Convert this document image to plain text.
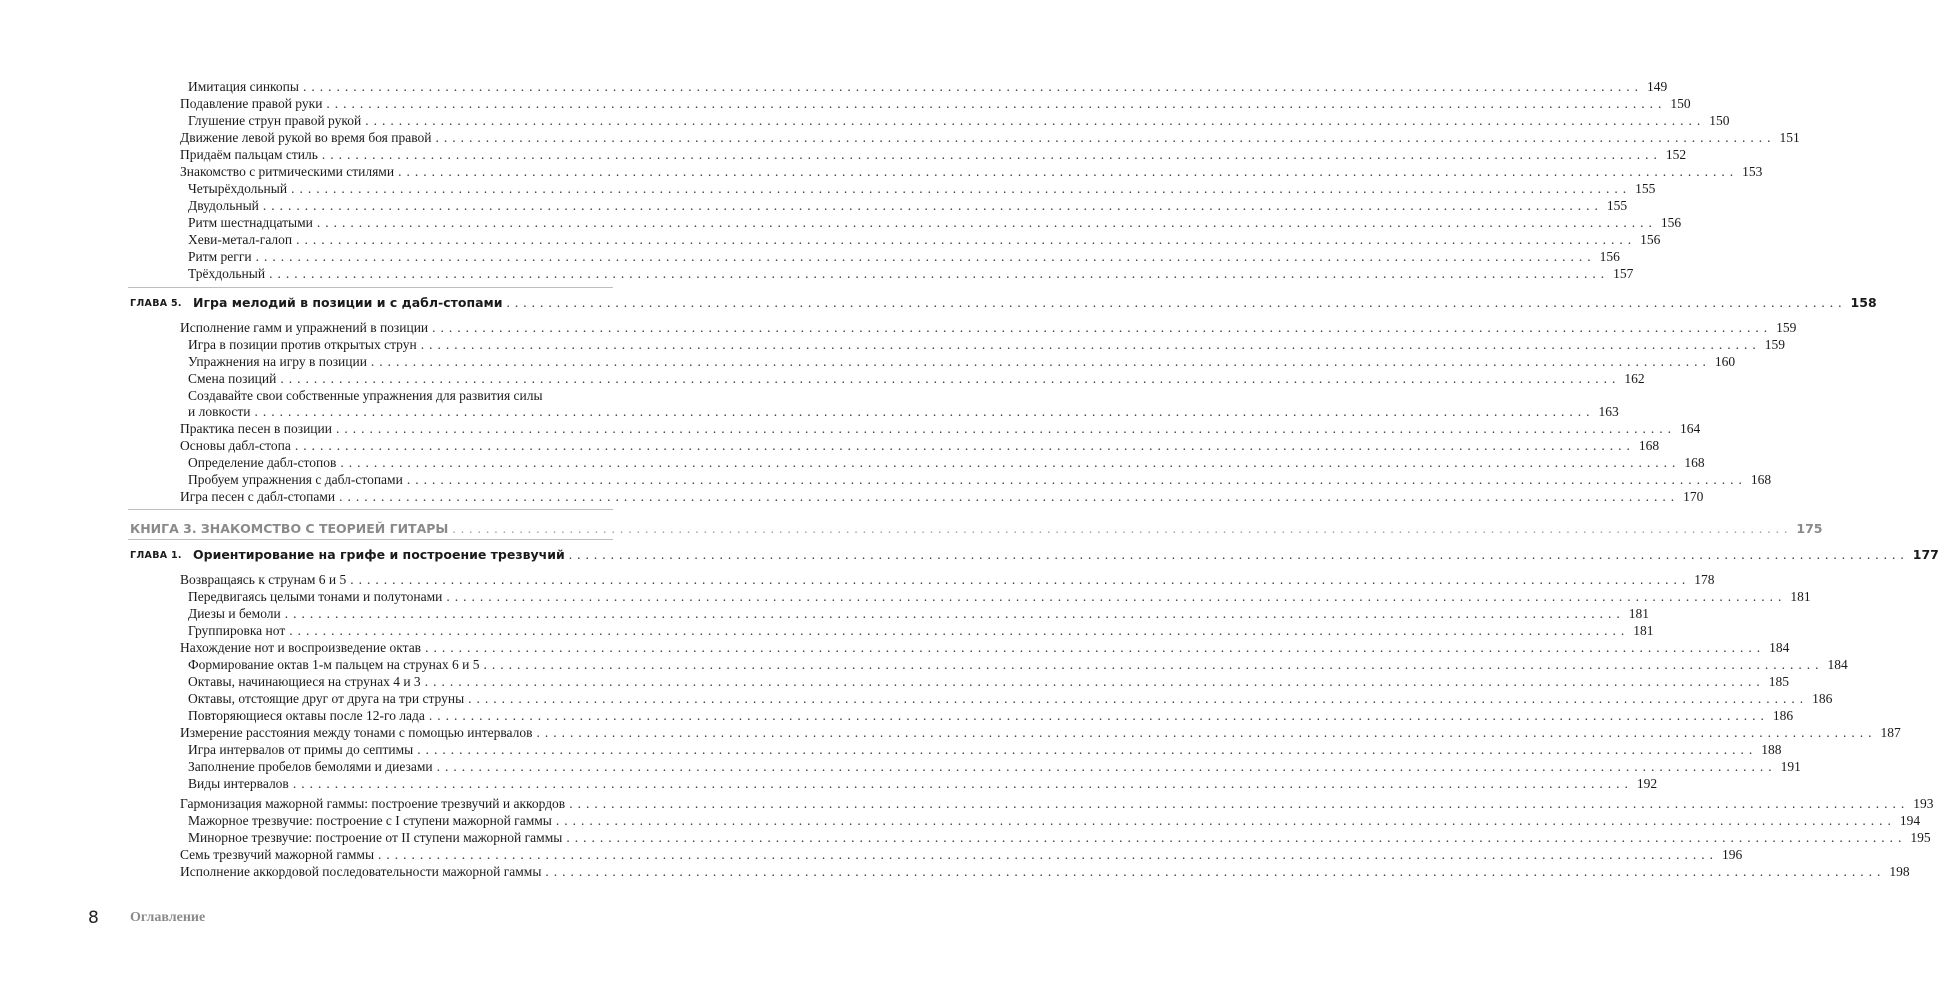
Имитация синкопы ................................................................................................................................................................ 149
Подавление правой руки ................................................................................................................................................................ 150
Глушение струн правой рукой ................................................................................................................................................................ 150
Движение левой рукой во время боя правой ................................................................................................................................................................ 151
Придаём пальцам стиль ................................................................................................................................................................ 152
Знакомство с ритмическими стилями ................................................................................................................................................................ 153
Четырёхдольный ................................................................................................................................................................ 155
Двудольный ................................................................................................................................................................ 155
Ритм шестнадцатыми ................................................................................................................................................................ 156
Хеви-метал-галоп ................................................................................................................................................................ 156
Ритм регги ................................................................................................................................................................ 156
Трёхдольный ................................................................................................................................................................ 157
Игра мелодий в позиции и с дабл-стопами ................................................................................................................................................................ 158
ГЛАВА 5.
Исполнение гамм и упражнений в позиции ................................................................................................................................................................ 159
Игра в позиции против открытых струн ................................................................................................................................................................ 159
Упражнения на игру в позиции ................................................................................................................................................................ 160
Смена позиций ................................................................................................................................................................ 162
Создавайте свои собственные упражнения для развития силы
и ловкости ................................................................................................................................................................ 163
Практика песен в позиции ................................................................................................................................................................ 164
Основы дабл-стопа ................................................................................................................................................................ 168
Определение дабл-стопов ................................................................................................................................................................ 168
Пробуем упражнения с дабл-стопами ................................................................................................................................................................ 168
Игра песен с дабл-стопами ................................................................................................................................................................ 170
КНИГА 3. ЗНАКОМСТВО С ТЕОРИЕЙ ГИТАРЫ ................................................................................................................................................................ 175
Ориентирование на грифе и построение трезвучий ................................................................................................................................................................ 177
ГЛАВА 1.
Возвращаясь к струнам 6 и 5 ................................................................................................................................................................ 178
Передвигаясь целыми тонами и полутонами ................................................................................................................................................................ 181
Диезы и бемоли ................................................................................................................................................................ 181
Группировка нот ................................................................................................................................................................ 181
Нахождение нот и воспроизведение октав ................................................................................................................................................................ 184
Формирование октав 1-м пальцем на струнах 6 и 5 ................................................................................................................................................................ 184
Октавы, начинающиеся на струнах 4 и 3 ................................................................................................................................................................ 185
Октавы, отстоящие друг от друга на три струны ................................................................................................................................................................ 186
Повторяющиеся октавы после 12-го лада ................................................................................................................................................................ 186
Измерение расстояния между тонами с помощью интервалов ................................................................................................................................................................ 187
Игра интервалов от примы до септимы ................................................................................................................................................................ 188
Заполнение пробелов бемолями и диезами ................................................................................................................................................................ 191
Виды интервалов ................................................................................................................................................................ 192
Гармонизация мажорной гаммы: построение трезвучий и аккордов ................................................................................................................................................................ 193
Мажорное трезвучие: построение с I ступени мажорной гаммы ................................................................................................................................................................ 194
Минорное трезвучие: построение от II ступени мажорной гаммы ................................................................................................................................................................ 195
Семь трезвучий мажорной гаммы ................................................................................................................................................................ 196
Исполнение аккордовой последовательности мажорной гаммы ................................................................................................................................................................ 198
8 Оглавление
